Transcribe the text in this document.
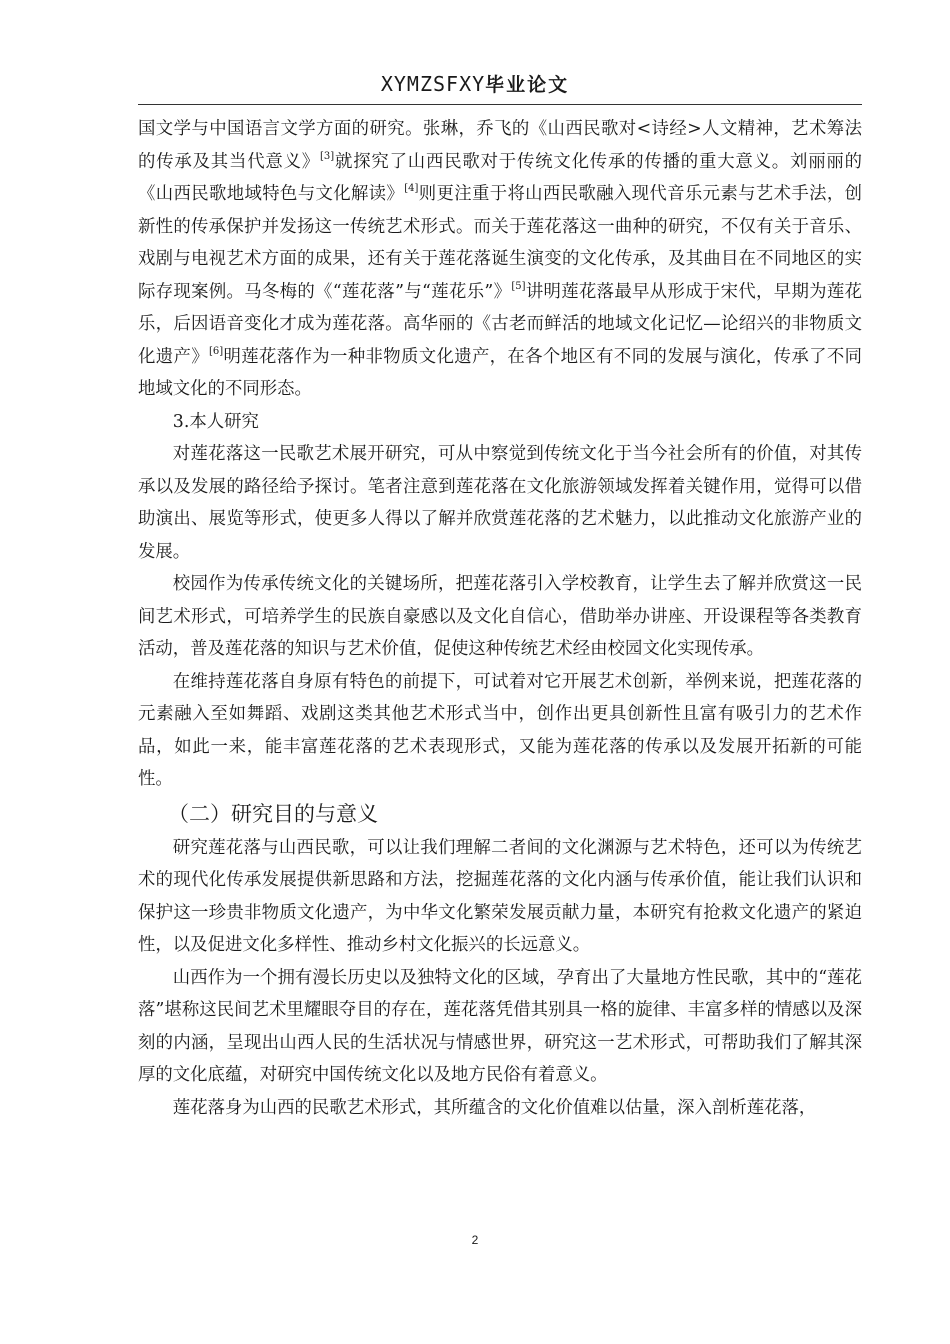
XYMZSFXY毕业论文

国文学与中国语言文学方面的研究。张琳，乔飞的《山西民歌对<诗经>人文精神，艺术筹法的传承及其当代意义》[3]就探究了山西民歌对于传统文化传承的传播的重大意义。刘丽丽的《山西民歌地域特色与文化解读》[4]则更注重于将山西民歌融入现代音乐元素与艺术手法，创新性的传承保护并发扬这一传统艺术形式。而关于莲花落这一曲种的研究，不仅有关于音乐、戏剧与电视艺术方面的成果，还有关于莲花落诞生演变的文化传承，及其曲目在不同地区的实际存现案例。马冬梅的《“莲花落”与“莲花乐”》[5]讲明莲花落最早从形成于宋代，早期为莲花乐，后因语音变化才成为莲花落。高华丽的《古老而鲜活的地域文化记忆—论绍兴的非物质文化遗产》[6]明莲花落作为一种非物质文化遗产，在各个地区有不同的发展与演化，传承了不同地域文化的不同形态。

3.本人研究

对莲花落这一民歌艺术展开研究，可从中察觉到传统文化于当今社会所有的价值，对其传承以及发展的路径给予探讨。笔者注意到莲花落在文化旅游领域发挥着关键作用，觉得可以借助演出、展览等形式，使更多人得以了解并欣赏莲花落的艺术魅力，以此推动文化旅游产业的发展。

校园作为传承传统文化的关键场所，把莲花落引入学校教育，让学生去了解并欣赏这一民间艺术形式，可培养学生的民族自豪感以及文化自信心，借助举办讲座、开设课程等各类教育活动，普及莲花落的知识与艺术价值，促使这种传统艺术经由校园文化实现传承。

在维持莲花落自身原有特色的前提下，可试着对它开展艺术创新，举例来说，把莲花落的元素融入至如舞蹈、戏剧这类其他艺术形式当中，创作出更具创新性且富有吸引力的艺术作品，如此一来，能丰富莲花落的艺术表现形式，又能为莲花落的传承以及发展开拓新的可能性。

（二）研究目的与意义

研究莲花落与山西民歌，可以让我们理解二者间的文化渊源与艺术特色，还可以为传统艺术的现代化传承发展提供新思路和方法，挖掘莲花落的文化内涵与传承价值，能让我们认识和保护这一珍贵非物质文化遗产，为中华文化繁荣发展贡献力量，本研究有抢救文化遗产的紧迫性，以及促进文化多样性、推动乡村文化振兴的长远意义。

山西作为一个拥有漫长历史以及独特文化的区域，孕育出了大量地方性民歌，其中的“莲花落”堪称这民间艺术里耀眼夺目的存在，莲花落凭借其别具一格的旋律、丰富多样的情感以及深刻的内涵，呈现出山西人民的生活状况与情感世界，研究这一艺术形式，可帮助我们了解其深厚的文化底蕴，对研究中国传统文化以及地方民俗有着意义。

莲花落身为山西的民歌艺术形式，其所蕴含的文化价值难以估量，深入剖析莲花落，

2
